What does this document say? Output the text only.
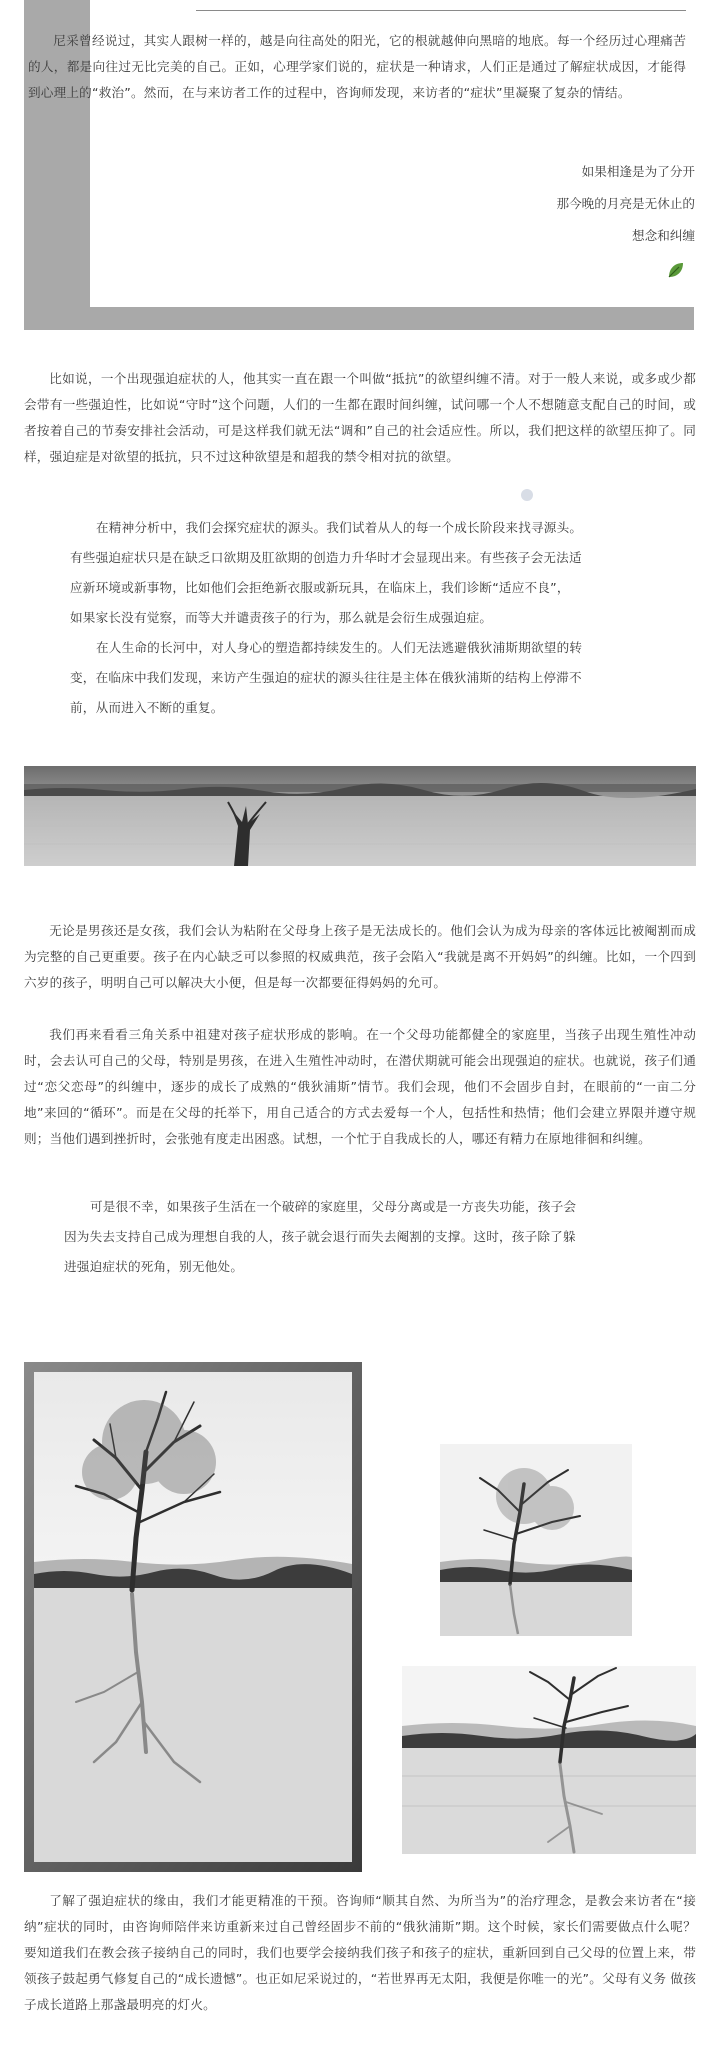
尼采曾经说过，其实人跟树一样的，越是向往高处的阳光，它的根就越伸向黑暗的地底。每一个经历过心理痛苦的人，都是向往过无比完美的自己。正如，心理学家们说的，症状是一种请求，人们正是通过了解症状成因，才能得到心理上的“救治”。然而，在与来访者工作的过程中，咨询师发现，来访者的“症状”里凝聚了复杂的情结。
如果相逢是为了分开
那今晚的月亮是无休止的
想念和纠缠
比如说，一个出现强迫症状的人，他其实一直在跟一个叫做“抵抗”的欲望纠缠不清。对于一般人来说，或多或少都会带有一些强迫性，比如说“守时”这个问题，人们的一生都在跟时间纠缠，试问哪一个人不想随意支配自己的时间，或者按着自己的节奏安排社会活动，可是这样我们就无法“调和”自己的社会适应性。所以，我们把这样的欲望压抑了。同样，强迫症是对欲望的抵抗，只不过这种欲望是和超我的禁令相对抗的欲望。
在精神分析中，我们会探究症状的源头。我们试着从人的每一个成长阶段来找寻源头。
有些强迫症状只是在缺乏口欲期及肛欲期的创造力升华时才会显现出来。有些孩子会无法适
应新环境或新事物，比如他们会拒绝新衣服或新玩具，在临床上，我们诊断“适应不良”，
如果家长没有觉察，而等大并谴责孩子的行为，那么就是会衍生成强迫症。
在人生命的长河中，对人身心的塑造都持续发生的。人们无法逃避俄狄浦斯期欲望的转
变，在临床中我们发现，来访产生强迫的症状的源头往往是主体在俄狄浦斯的结构上停滞不
前，从而进入不断的重复。
无论是男孩还是女孩，我们会认为粘附在父母身上孩子是无法成长的。他们会认为成为母亲的客体远比被阉割而成为完整的自己更重要。孩子在内心缺乏可以参照的权威典范，孩子会陷入“我就是离不开妈妈”的纠缠。比如，一个四到六岁的孩子，明明自己可以解决大小便，但是每一次都要征得妈妈的允可。
我们再来看看三角关系中祖建对孩子症状形成的影响。在一个父母功能都健全的家庭里，当孩子出现生殖性冲动时，会去认可自己的父母，特别是男孩，在进入生殖性冲动时，在潜伏期就可能会出现强迫的症状。也就说，孩子们通过“恋父恋母”的纠缠中，逐步的成长了成熟的“俄狄浦斯”情节。我们会现，他们不会固步自封，在眼前的“一亩二分地”来回的“循环”。而是在父母的托举下，用自己适合的方式去爱每一个人，包括性和热情；他们会建立界限并遵守规则；当他们遇到挫折时，会张弛有度走出困惑。试想，一个忙于自我成长的人，哪还有精力在原地徘徊和纠缠。
可是很不幸，如果孩子生活在一个破碎的家庭里，父母分离或是一方丧失功能，孩子会
因为失去支持自己成为理想自我的人，孩子就会退行而失去阉割的支撑。这时，孩子除了躲
进强迫症状的死角，别无他处。
了解了强迫症状的缘由，我们才能更精准的干预。咨询师“顺其自然、为所当为”的治疗理念，是教会来访者在“接纳”症状的同时，由咨询师陪伴来访重新来过自己曾经固步不前的“俄狄浦斯”期。这个时候，家长们需要做点什么呢？要知道我们在教会孩子接纳自己的同时，我们也要学会接纳我们孩子和孩子的症状，重新回到自己父母的位置上来，带领孩子鼓起勇气修复自己的“成长遗憾”。也正如尼采说过的，“若世界再无太阳，我便是你唯一的光”。父母有义务 做孩子成长道路上那盏最明亮的灯火。
